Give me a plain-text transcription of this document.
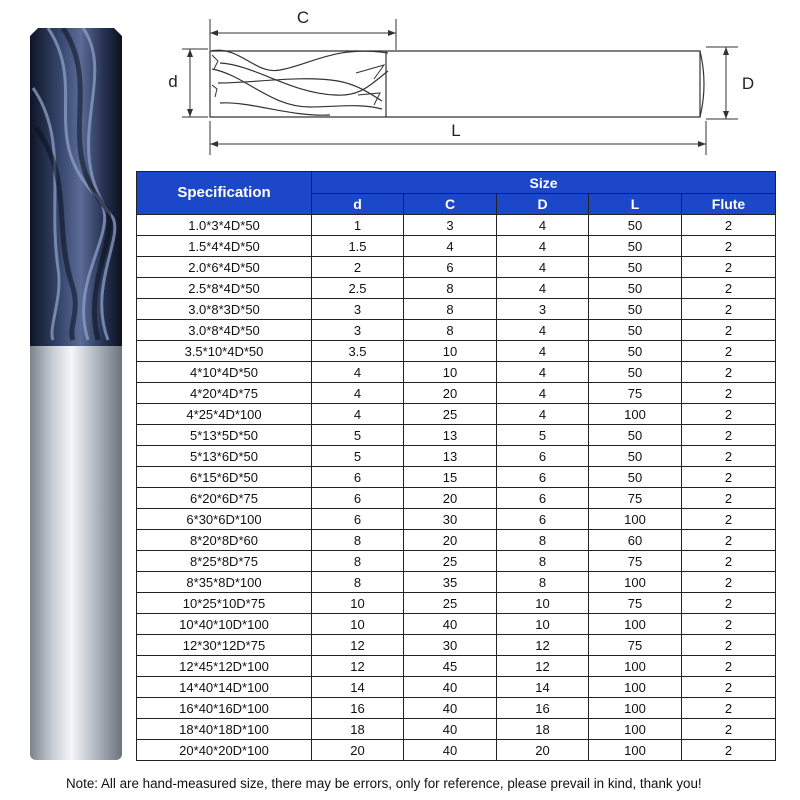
C
d	D
L
Specification	Size				
	d	C	D	L	Flute
1.0*3*4D*50	1	3	4	50	2
1.5*4*4D*50	1.5	4	4	50	2
2.0*6*4D*50	2	6	4	50	2
2.5*8*4D*50	2.5	8	4	50	2
3.0*8*3D*50	3	8	3	50	2
3.0*8*4D*50	3	8	4	50	2
3.5*10*4D*50	3.5	10	4	50	2
4*10*4D*50	4	10	4	50	2
4*20*4D*75	4	20	4	75	2
4*25*4D*100	4	25	4	100	2
5*13*5D*50	5	13	5	50	2
5*13*6D*50	5	13	6	50	2
6*15*6D*50	6	15	6	50	2
6*20*6D*75	6	20	6	75	2
6*30*6D*100	6	30	6	100	2
8*20*8D*60	8	20	8	60	2
8*25*8D*75	8	25	8	75	2
8*35*8D*100	8	35	8	100	2
10*25*10D*75	10	25	10	75	2
10*40*10D*100	10	40	10	100	2
12*30*12D*75	12	30	12	75	2
12*45*12D*100	12	45	12	100	2
14*40*14D*100	14	40	14	100	2
16*40*16D*100	16	40	16	100	2
18*40*18D*100	18	40	18	100	2
20*40*20D*100	20	40	20	100	2
Note: All are hand-measured size, there may be errors, only for reference, please prevail in kind, thank you!
